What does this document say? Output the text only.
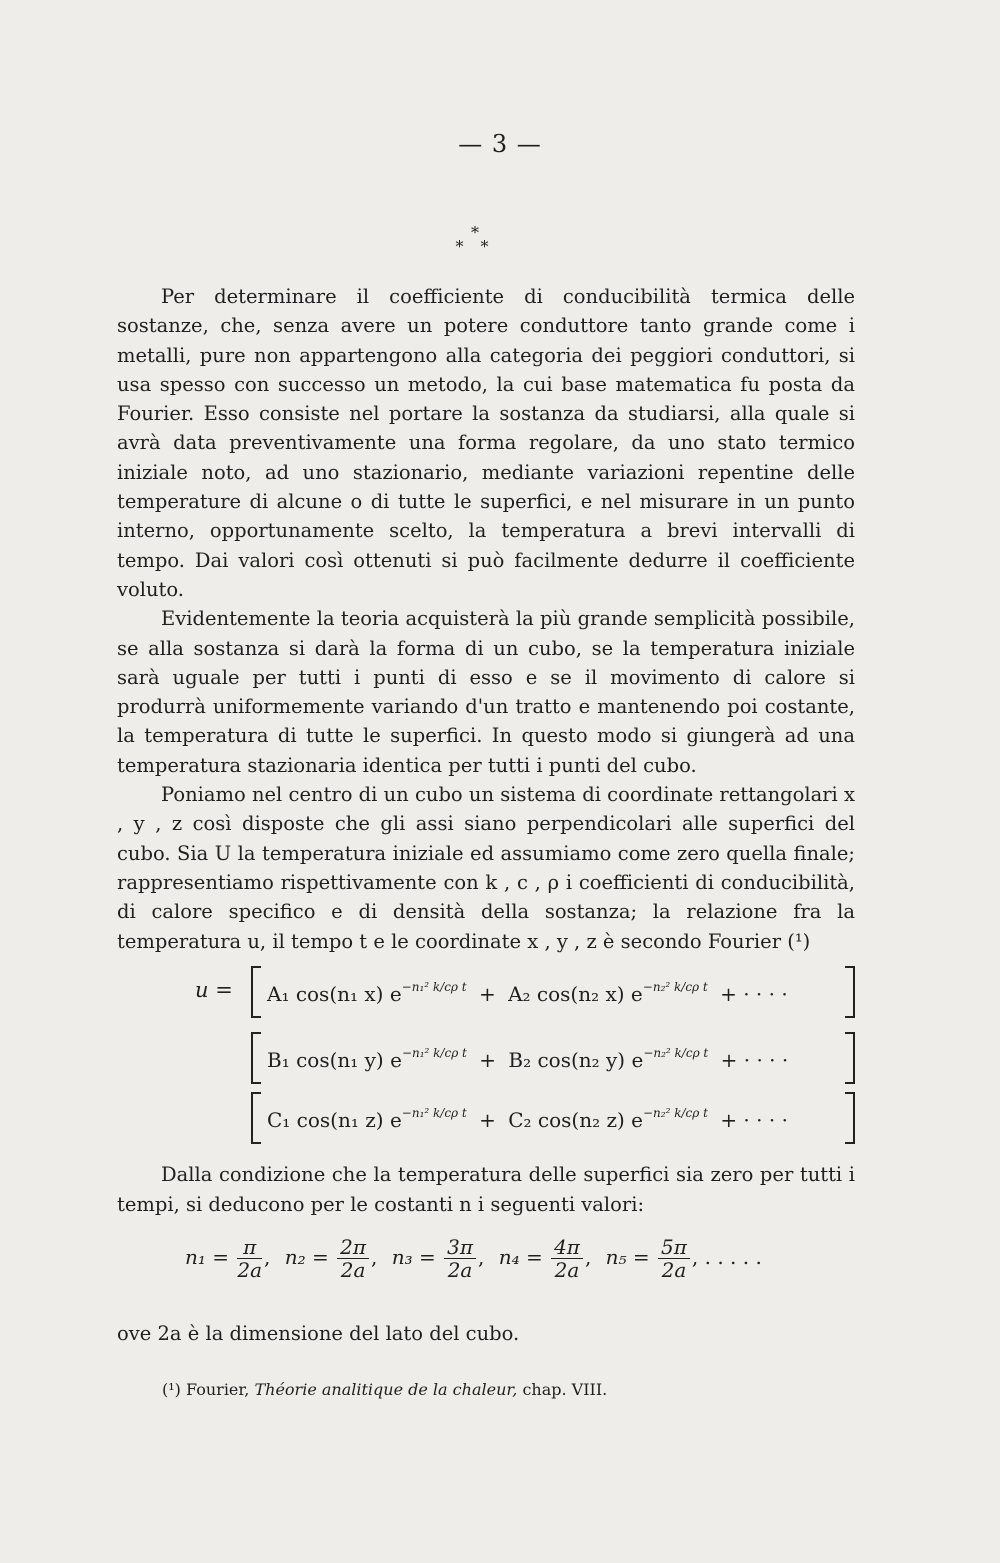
— 3 —
*
* *

Per determinare il coefficiente di conducibilità termica delle sostanze, che, senza avere un potere conduttore tanto grande come i metalli, pure non appartengono alla categoria dei peggiori conduttori, si usa spesso con successo un metodo, la cui base matematica fu posta da Fourier. Esso consiste nel portare la sostanza da studiarsi, alla quale si avrà data preventivamente una forma regolare, da uno stato termico iniziale noto, ad uno stazionario, mediante variazioni repentine delle temperature di alcune o di tutte le superfici, e nel misurare in un punto interno, opportunamente scelto, la temperatura a brevi intervalli di tempo. Dai valori così ottenuti si può facilmente dedurre il coefficiente voluto.

Evidentemente la teoria acquisterà la più grande semplicità possibile, se alla sostanza si darà la forma di un cubo, se la temperatura iniziale sarà uguale per tutti i punti di esso e se il movimento di calore si produrrà uniformemente variando d'un tratto e mantenendo poi costante, la temperatura di tutte le superfici. In questo modo si giungerà ad una temperatura stazionaria identica per tutti i punti del cubo.

Poniamo nel centro di un cubo un sistema di coordinate rettangolari x , y , z così disposte che gli assi siano perpendicolari alle superfici del cubo. Sia U la temperatura iniziale ed assumiamo come zero quella finale; rappresentiamo rispettivamente con k , c , ρ i coefficienti di conducibilità, di calore specifico e di densità della sostanza; la relazione fra la temperatura u, il tempo t e le coordinate x , y , z è secondo Fourier (¹)

u = A₁ cos(n₁ x) $e^{-n_1^2 k/c\rho t} + A_2$ cos(n₂ x) $e^{-n_2^2 k/c\rho t}$ + · · · ·
B₁ cos(n₁ y) $e^{-n_1^2 k/c\rho t} + B_2$ cos(n₂ y) $e^{-n_2^2 k/c\rho t}$ + · · · ·
C₁ cos(n₁ z) $e^{-n_1^2 k/c\rho t} + C_2$ cos(n₂ z) $e^{-n_2^2 k/c\rho t}$ + · · · ·

Dalla condizione che la temperatura delle superfici sia zero per tutti i tempi, si deducono per le costanti n i seguenti valori:

$n_1 = \frac{\pi}{2a}$ , $n_2 = \frac{2\pi}{2a}$ , $n_3 = \frac{3\pi}{2a}$ , $n_4 = \frac{4\pi}{2a}$ , $n_5 = \frac{5\pi}{2a}$ , . . . . .
ove 2a è la dimensione del lato del cubo.
(¹) Fourier, Théorie analitique de la chaleur, chap. VIII.
